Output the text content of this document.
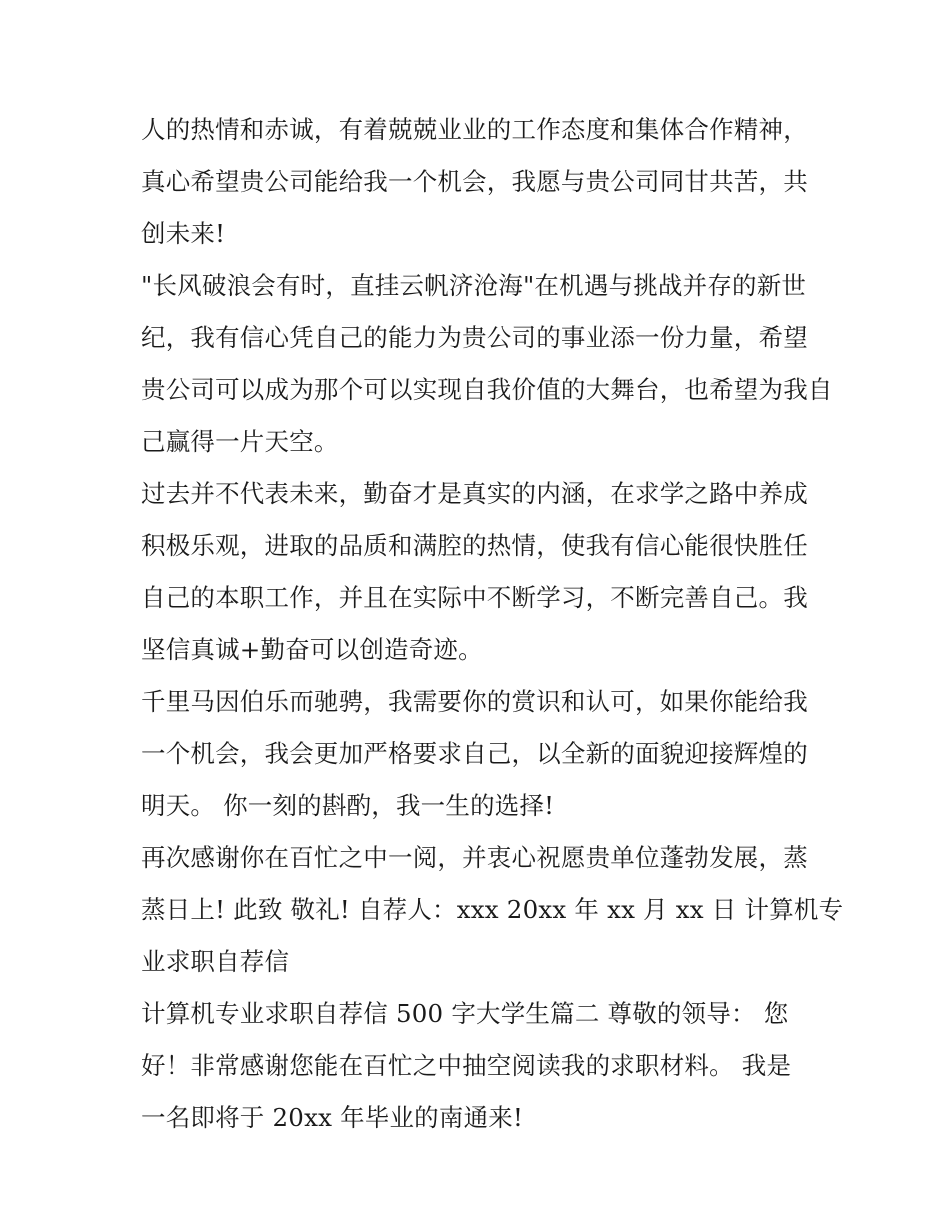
人的热情和赤诚，有着兢兢业业的工作态度和集体合作精神，
真心希望贵公司能给我一个机会，我愿与贵公司同甘共苦，共
创未来!
"长风破浪会有时，直挂云帆济沧海"在机遇与挑战并存的新世
纪，我有信心凭自己的能力为贵公司的事业添一份力量，希望
贵公司可以成为那个可以实现自我价值的大舞台，也希望为我自
己赢得一片天空。
过去并不代表未来，勤奋才是真实的内涵，在求学之路中养成
积极乐观，进取的品质和满腔的热情，使我有信心能很快胜任
自己的本职工作，并且在实际中不断学习，不断完善自己。我
坚信真诚+勤奋可以创造奇迹。
千里马因伯乐而驰骋，我需要你的赏识和认可，如果你能给我
一个机会，我会更加严格要求自己，以全新的面貌迎接辉煌的
明天。 你一刻的斟酌，我一生的选择!
再次感谢你在百忙之中一阅，并衷心祝愿贵单位蓬勃发展，蒸
蒸日上! 此致 敬礼! 自荐人：xxx 20xx 年 xx 月 xx 日 计算机专
业求职自荐信
计算机专业求职自荐信 500 字大学生篇二 尊敬的领导： 您
好！非常感谢您能在百忙之中抽空阅读我的求职材料。 我是
一名即将于 20xx 年毕业的南通来!
